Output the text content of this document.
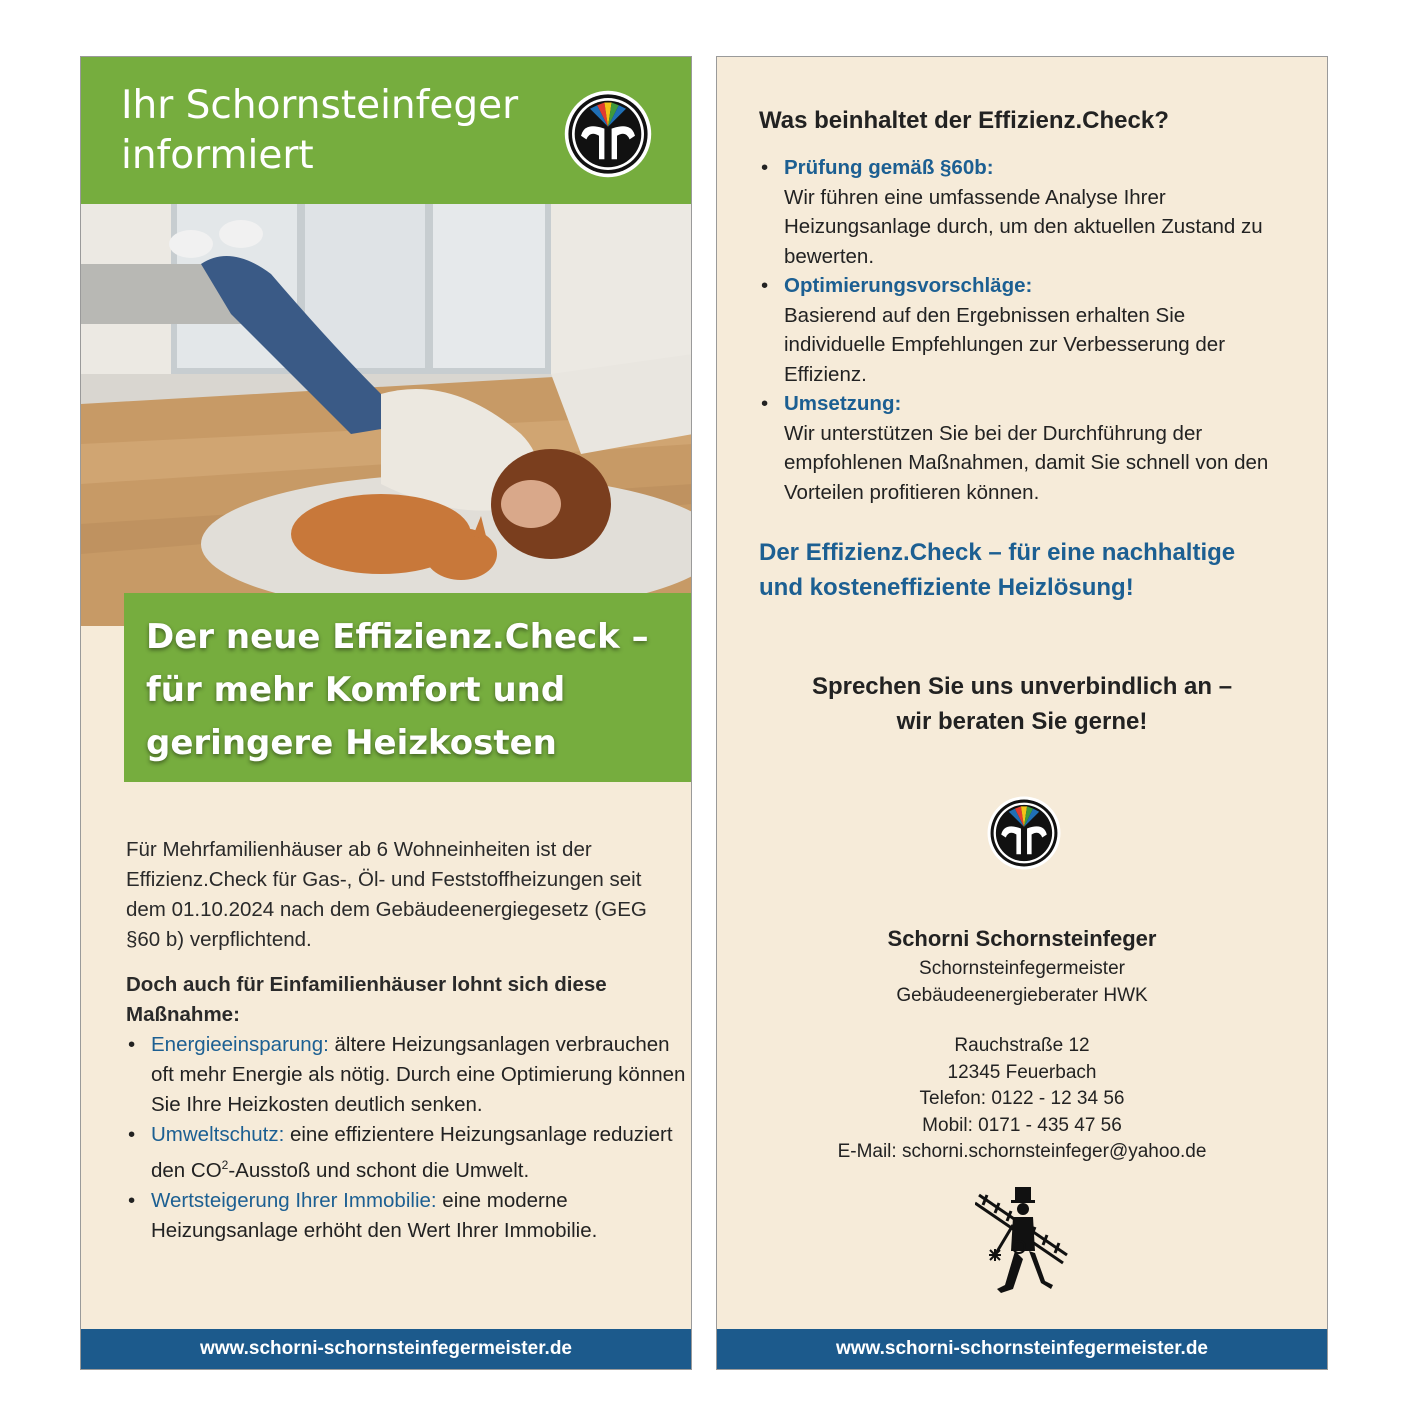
Ihr Schornsteinfeger
informiert
Der neue Effizienz.Check –
für mehr Komfort und
geringere Heizkosten
Für Mehrfamilienhäuser ab 6 Wohneinheiten ist der Effizienz.Check für Gas-, Öl- und Feststoffheizungen seit dem 01.10.2024 nach dem Gebäudeenergiegesetz (GEG §60 b) verpflichtend.
Doch auch für Einfamilienhäuser lohnt sich diese Maßnahme:
• Energieeinsparung: ältere Heizungsanlagen verbrauchen oft mehr Energie als nötig. Durch eine Optimierung können Sie Ihre Heizkosten deutlich senken.
• Umweltschutz: eine effizientere Heizungsanlage reduziert den $CO^2$-Ausstoß und schont die Umwelt.
• Wertsteigerung Ihrer Immobilie: eine moderne Heizungsanlage erhöht den Wert Ihrer Immobilie.
www.schorni-schornsteinfegermeister.de
Was beinhaltet der Effizienz.Check?
• Prüfung gemäß §60b:
Wir führen eine umfassende Analyse Ihrer Heizungsanlage durch, um den aktuellen Zustand zu bewerten.
• Optimierungsvorschläge:
Basierend auf den Ergebnissen erhalten Sie individuelle Empfehlungen zur Verbesserung der Effizienz.
• Umsetzung:
Wir unterstützen Sie bei der Durchführung der empfohlenen Maßnahmen, damit Sie schnell von den Vorteilen profitieren können.
Der Effizienz.Check – für eine nachhaltige
und kosteneffiziente Heizlösung!
Sprechen Sie uns unverbindlich an –
wir beraten Sie gerne!
Schorni Schornsteinfeger
Schornsteinfegermeister
Gebäudeenergieberater HWK
Rauchstraße 12
12345 Feuerbach
Telefon: 0122 - 12 34 56
Mobil: 0171 - 435 47 56
E-Mail: schorni.schornsteinfeger@yahoo.de
www.schorni-schornsteinfegermeister.de
